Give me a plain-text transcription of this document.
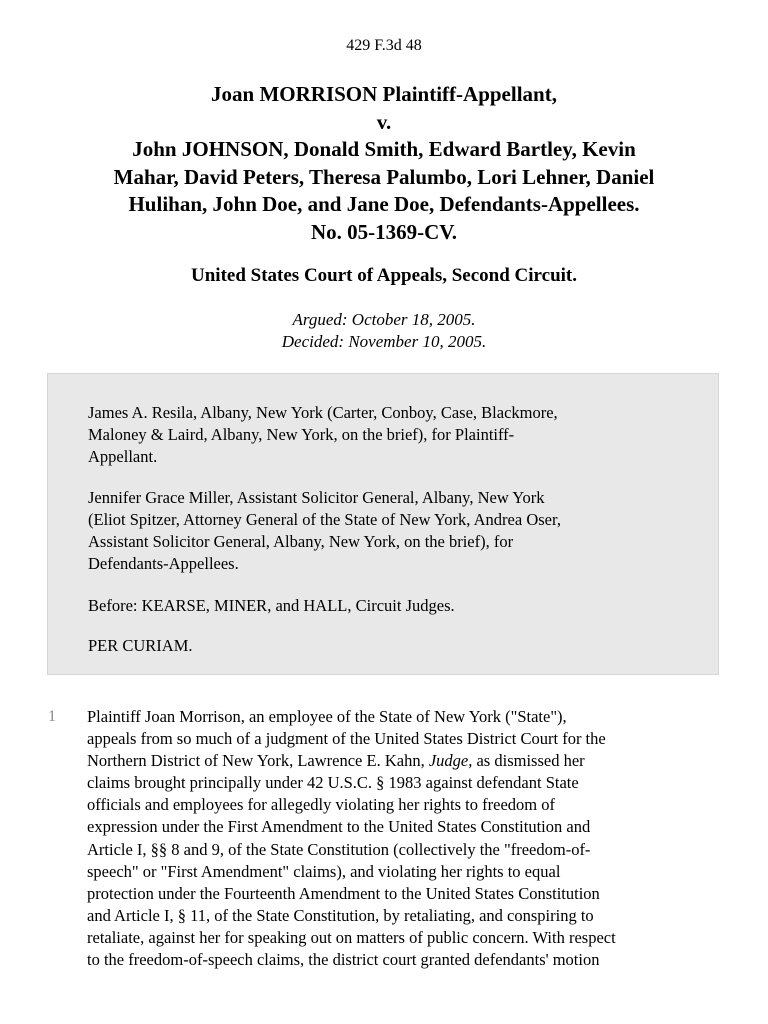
429 F.3d 48
Joan MORRISON Plaintiff-Appellant,
v.
John JOHNSON, Donald Smith, Edward Bartley, Kevin
Mahar, David Peters, Theresa Palumbo, Lori Lehner, Daniel
Hulihan, John Doe, and Jane Doe, Defendants-Appellees.
No. 05-1369-CV.
United States Court of Appeals, Second Circuit.
Argued: October 18, 2005.
Decided: November 10, 2005.
James A. Resila, Albany, New York (Carter, Conboy, Case, Blackmore,
Maloney & Laird, Albany, New York, on the brief), for Plaintiff-
Appellant.
Jennifer Grace Miller, Assistant Solicitor General, Albany, New York
(Eliot Spitzer, Attorney General of the State of New York, Andrea Oser,
Assistant Solicitor General, Albany, New York, on the brief), for
Defendants-Appellees.
Before: KEARSE, MINER, and HALL, Circuit Judges.
PER CURIAM.
1 Plaintiff Joan Morrison, an employee of the State of New York ("State"),
appeals from so much of a judgment of the United States District Court for the
Northern District of New York, Lawrence E. Kahn, Judge, as dismissed her
claims brought principally under 42 U.S.C. § 1983 against defendant State
officials and employees for allegedly violating her rights to freedom of
expression under the First Amendment to the United States Constitution and
Article I, §§ 8 and 9, of the State Constitution (collectively the "freedom-of-
speech" or "First Amendment" claims), and violating her rights to equal
protection under the Fourteenth Amendment to the United States Constitution
and Article I, § 11, of the State Constitution, by retaliating, and conspiring to
retaliate, against her for speaking out on matters of public concern. With respect
to the freedom-of-speech claims, the district court granted defendants' motion
